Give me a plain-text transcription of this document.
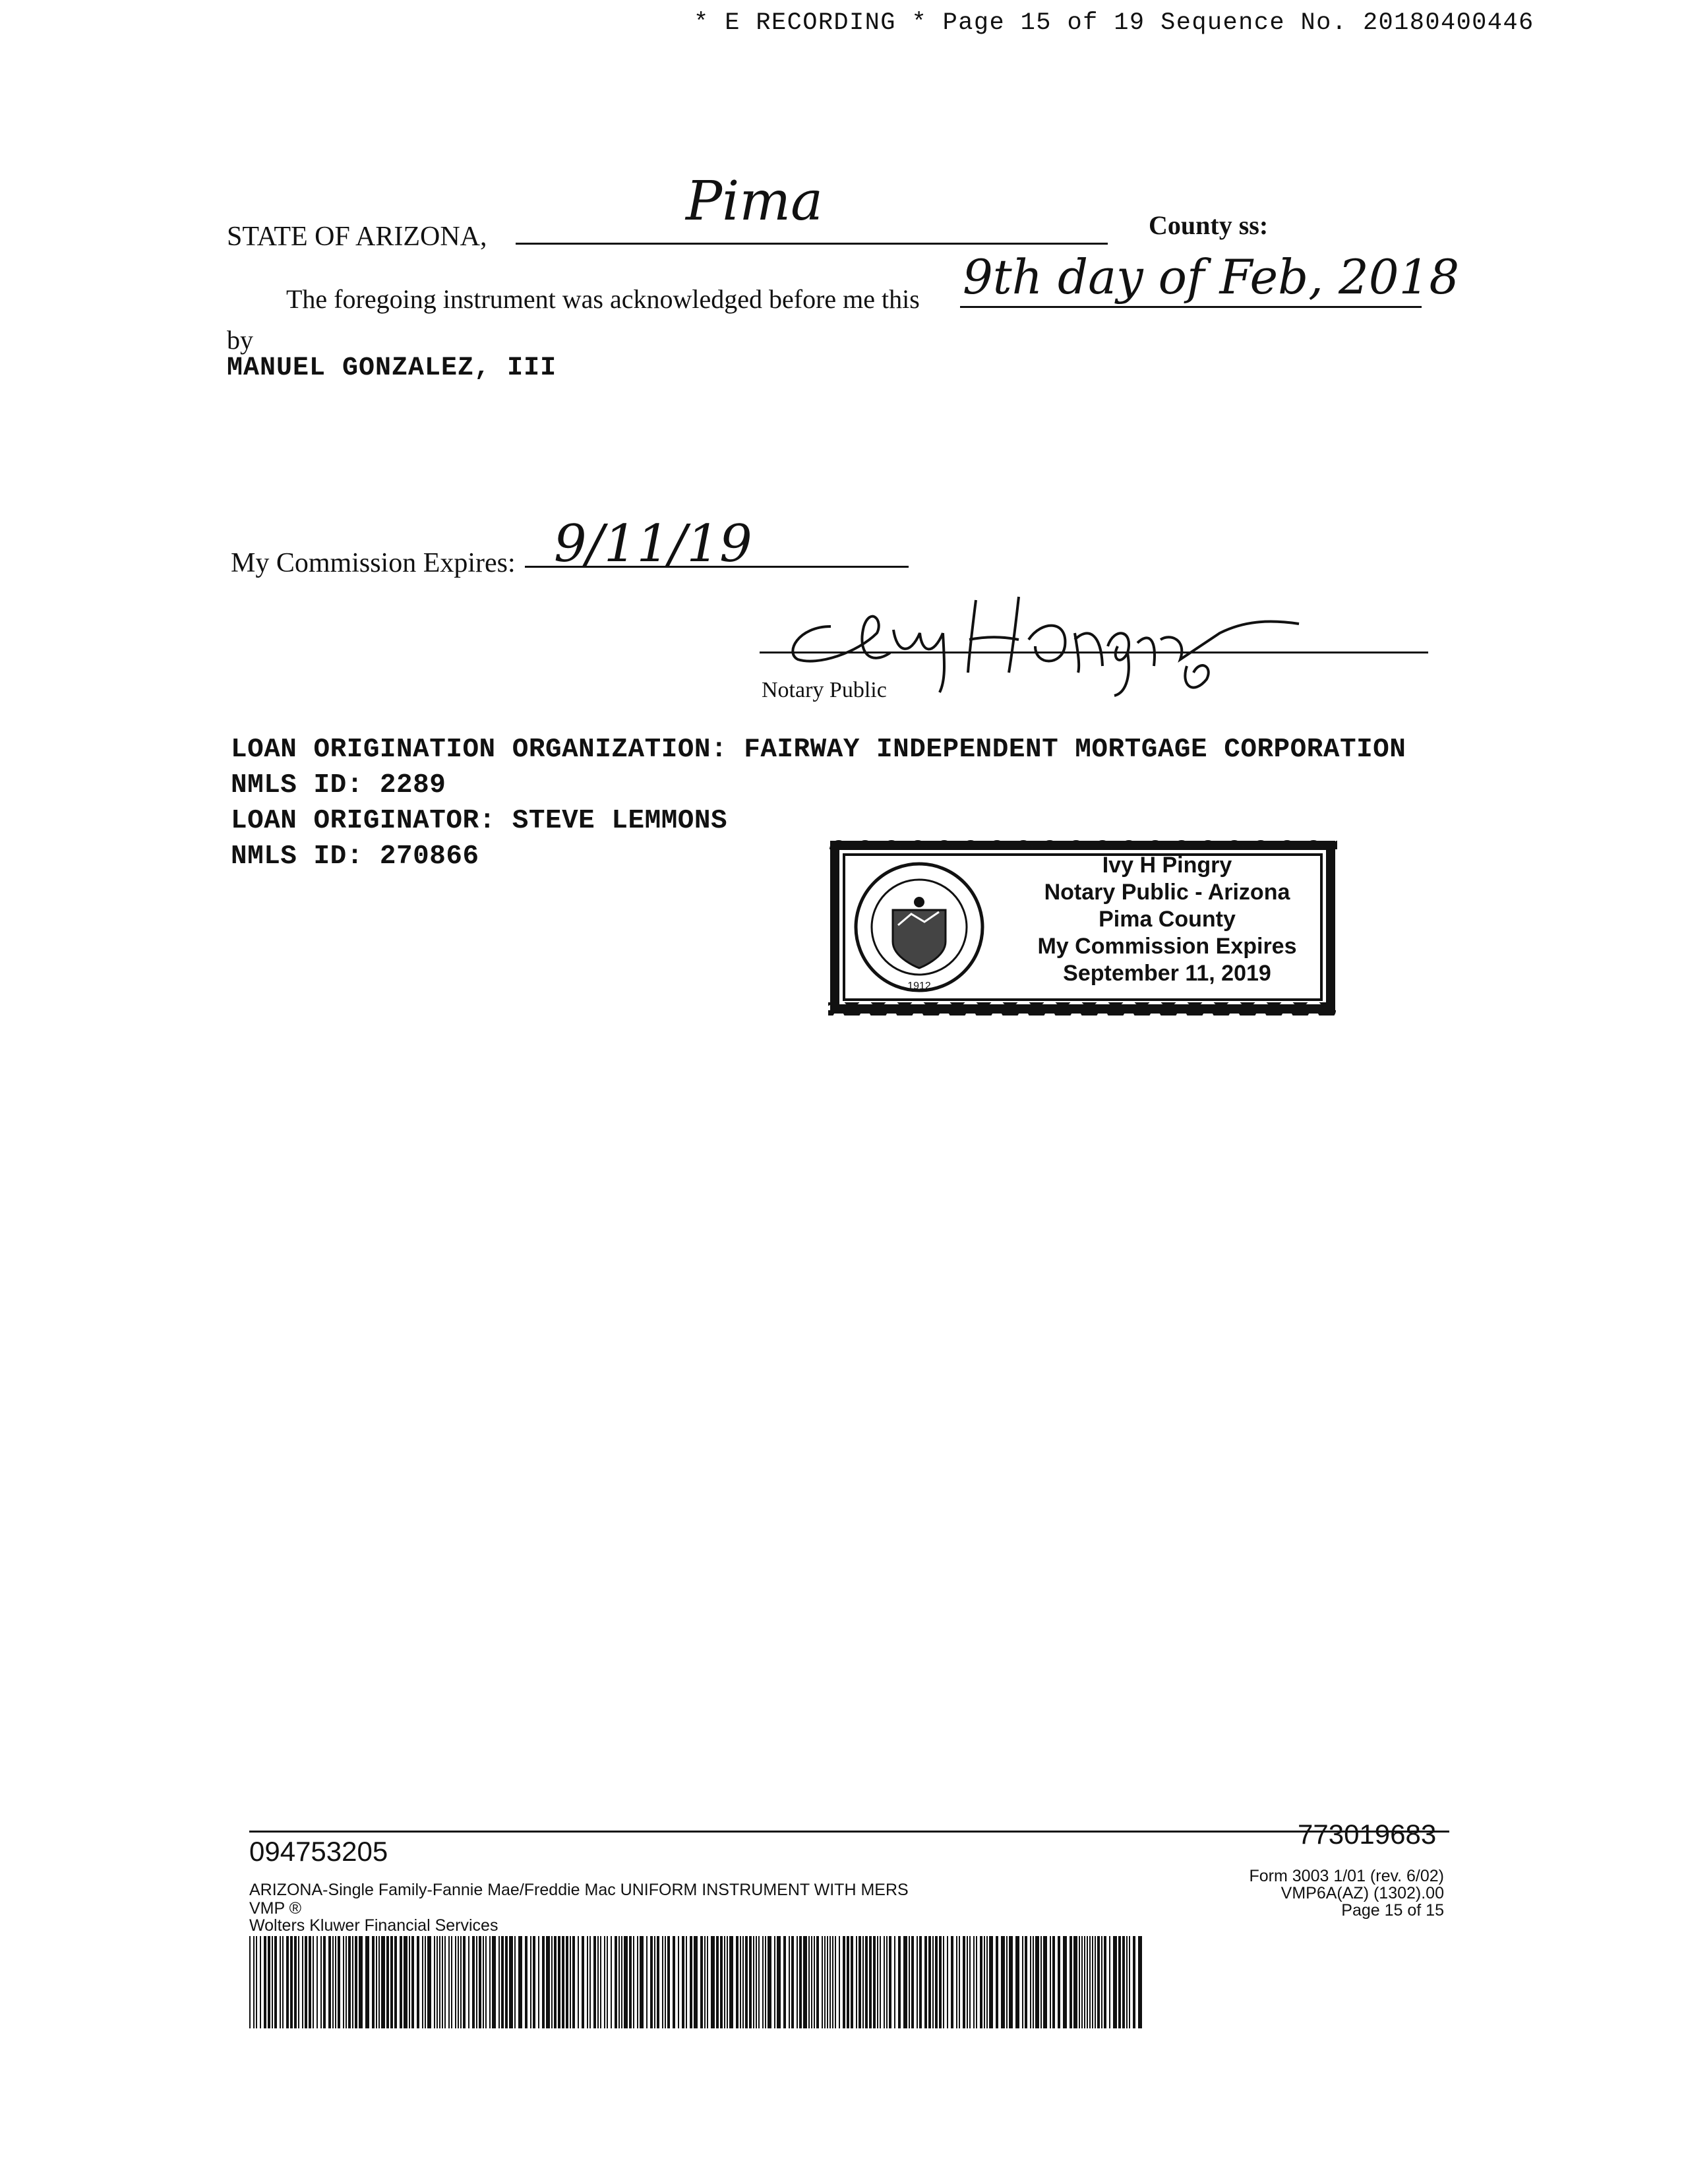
* E RECORDING * Page 15 of 19 Sequence No. 20180400446
STATE OF ARIZONA,
Pima	County ss:
The foregoing instrument was acknowledged before me this 9th day of Feb, 2018
by
MANUEL GONZALEZ, III
My Commission Expires: 9/11/19
Notary Public
LOAN ORIGINATION ORGANIZATION: FAIRWAY INDEPENDENT MORTGAGE CORPORATION
NMLS ID: 2289
LOAN ORIGINATOR: STEVE LEMMONS
NMLS ID: 270866
1912
Ivy H Pingry
Notary Public - Arizona
Pima County
My Commission Expires
September 11, 2019
094753205
773019683
ARIZONA-Single Family-Fannie Mae/Freddie Mac UNIFORM INSTRUMENT WITH MERS
VMP ®
Wolters Kluwer Financial Services
Form 3003 1/01 (rev. 6/02)
VMP6A(AZ) (1302).00
Page 15 of 15
